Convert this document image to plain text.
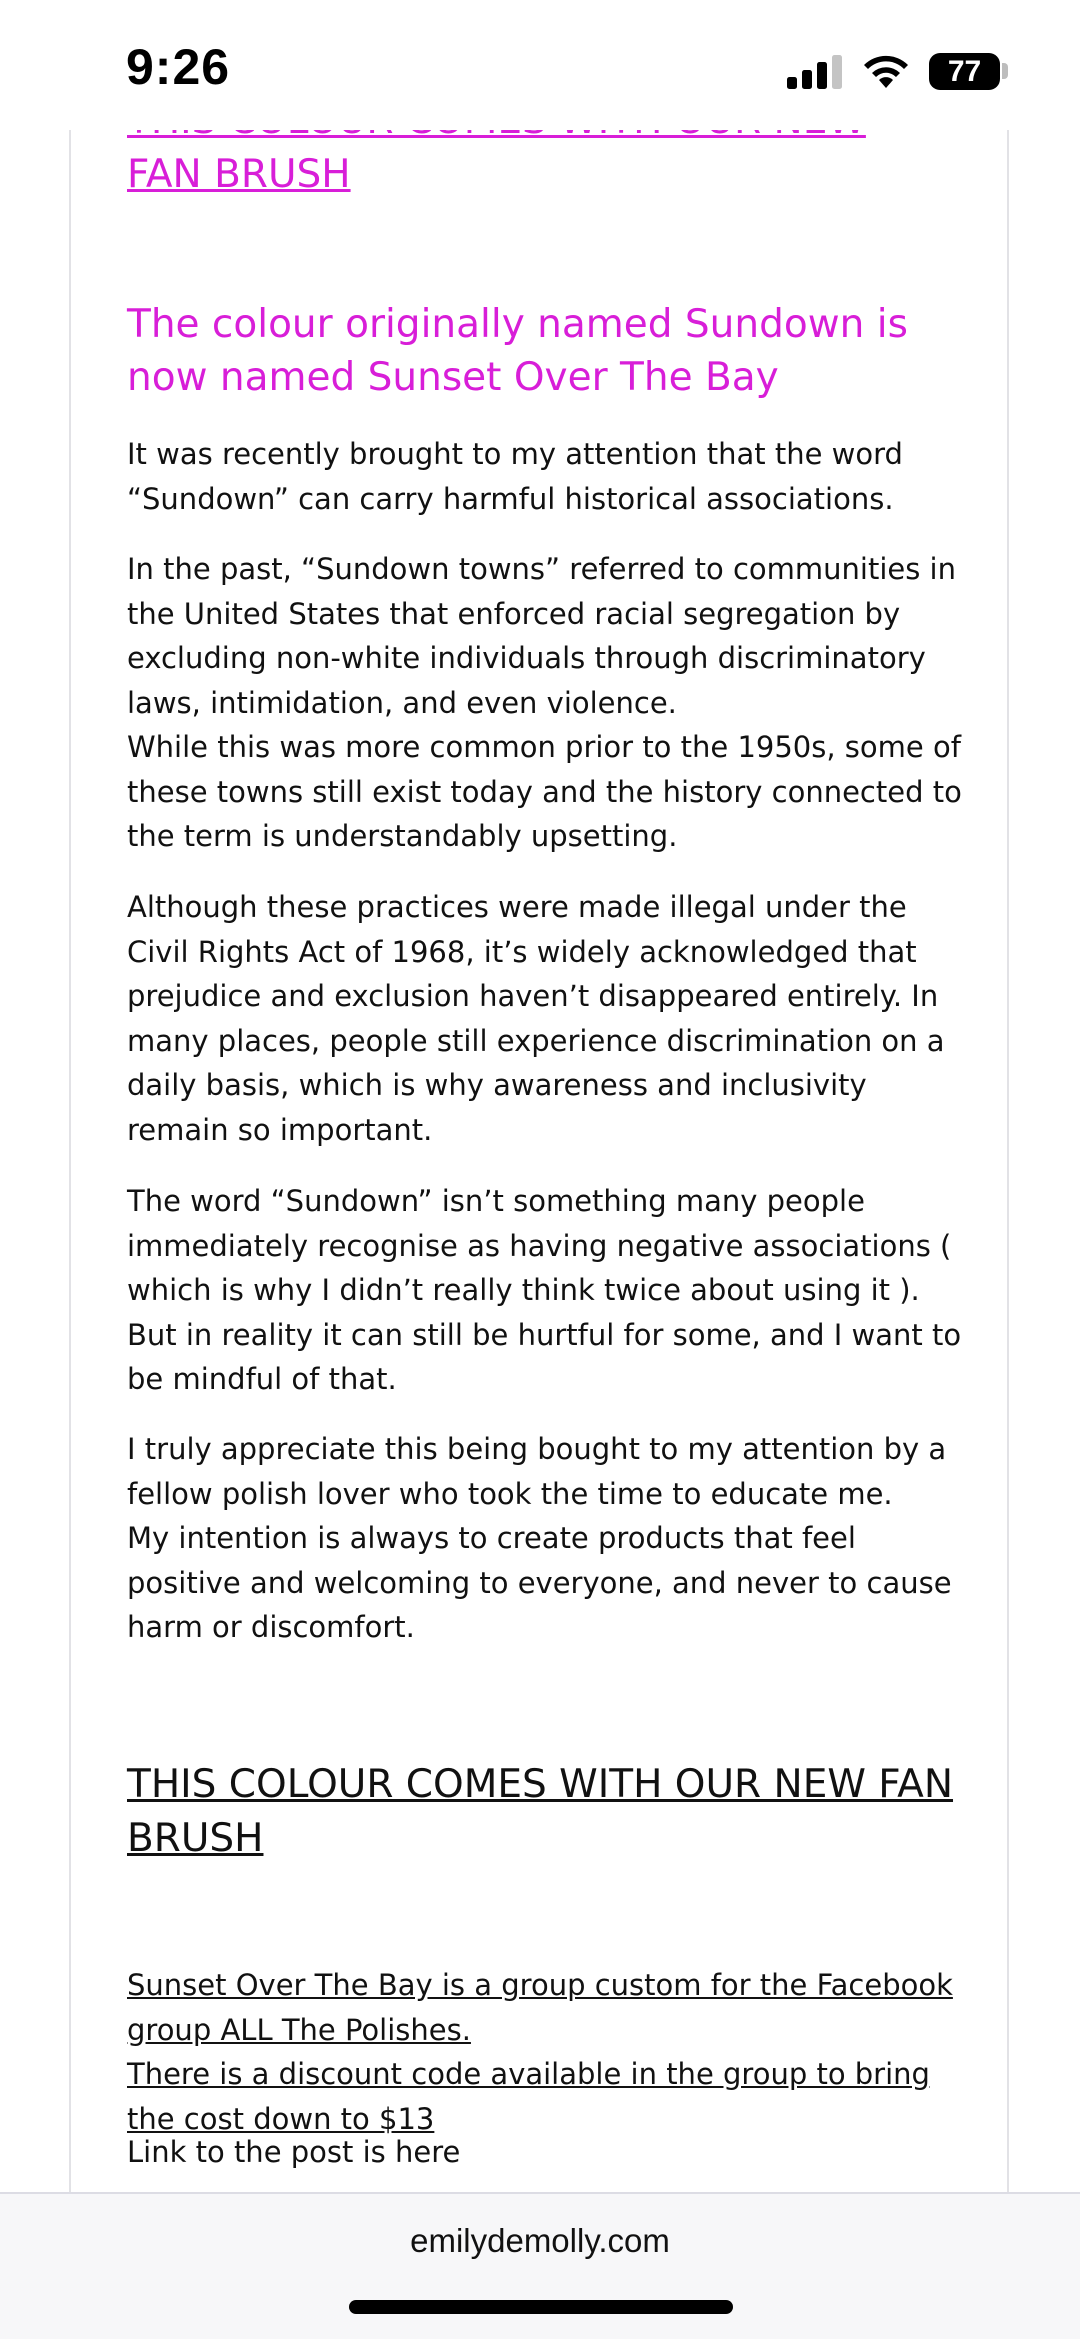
9:26	77

FAN BRUSH

The colour originally named Sundown is now named Sunset Over The Bay

It was recently brought to my attention that the word “Sundown” can carry harmful historical associations.

In the past, “Sundown towns” referred to communities in the United States that enforced racial segregation by excluding non-white individuals through discriminatory laws, intimidation, and even violence.
While this was more common prior to the 1950s, some of these towns still exist today and the history connected to the term is understandably upsetting.

Although these practices were made illegal under the Civil Rights Act of 1968, it’s widely acknowledged that prejudice and exclusion haven’t disappeared entirely. In many places, people still experience discrimination on a daily basis, which is why awareness and inclusivity remain so important.

The word “Sundown” isn’t something many people immediately recognise as having negative associations ( which is why I didn’t really think twice about using it ). But in reality it can still be hurtful for some, and I want to be mindful of that.

I truly appreciate this being bought to my attention by a fellow polish lover who took the time to educate me.
My intention is always to create products that feel positive and welcoming to everyone, and never to cause harm or discomfort.

THIS COLOUR COMES WITH OUR NEW FAN BRUSH

Sunset Over The Bay is a group custom for the Facebook group ALL The Polishes.
There is a discount code available in the group to bring the cost down to $13

Link to the post is here

emilydemolly.com
